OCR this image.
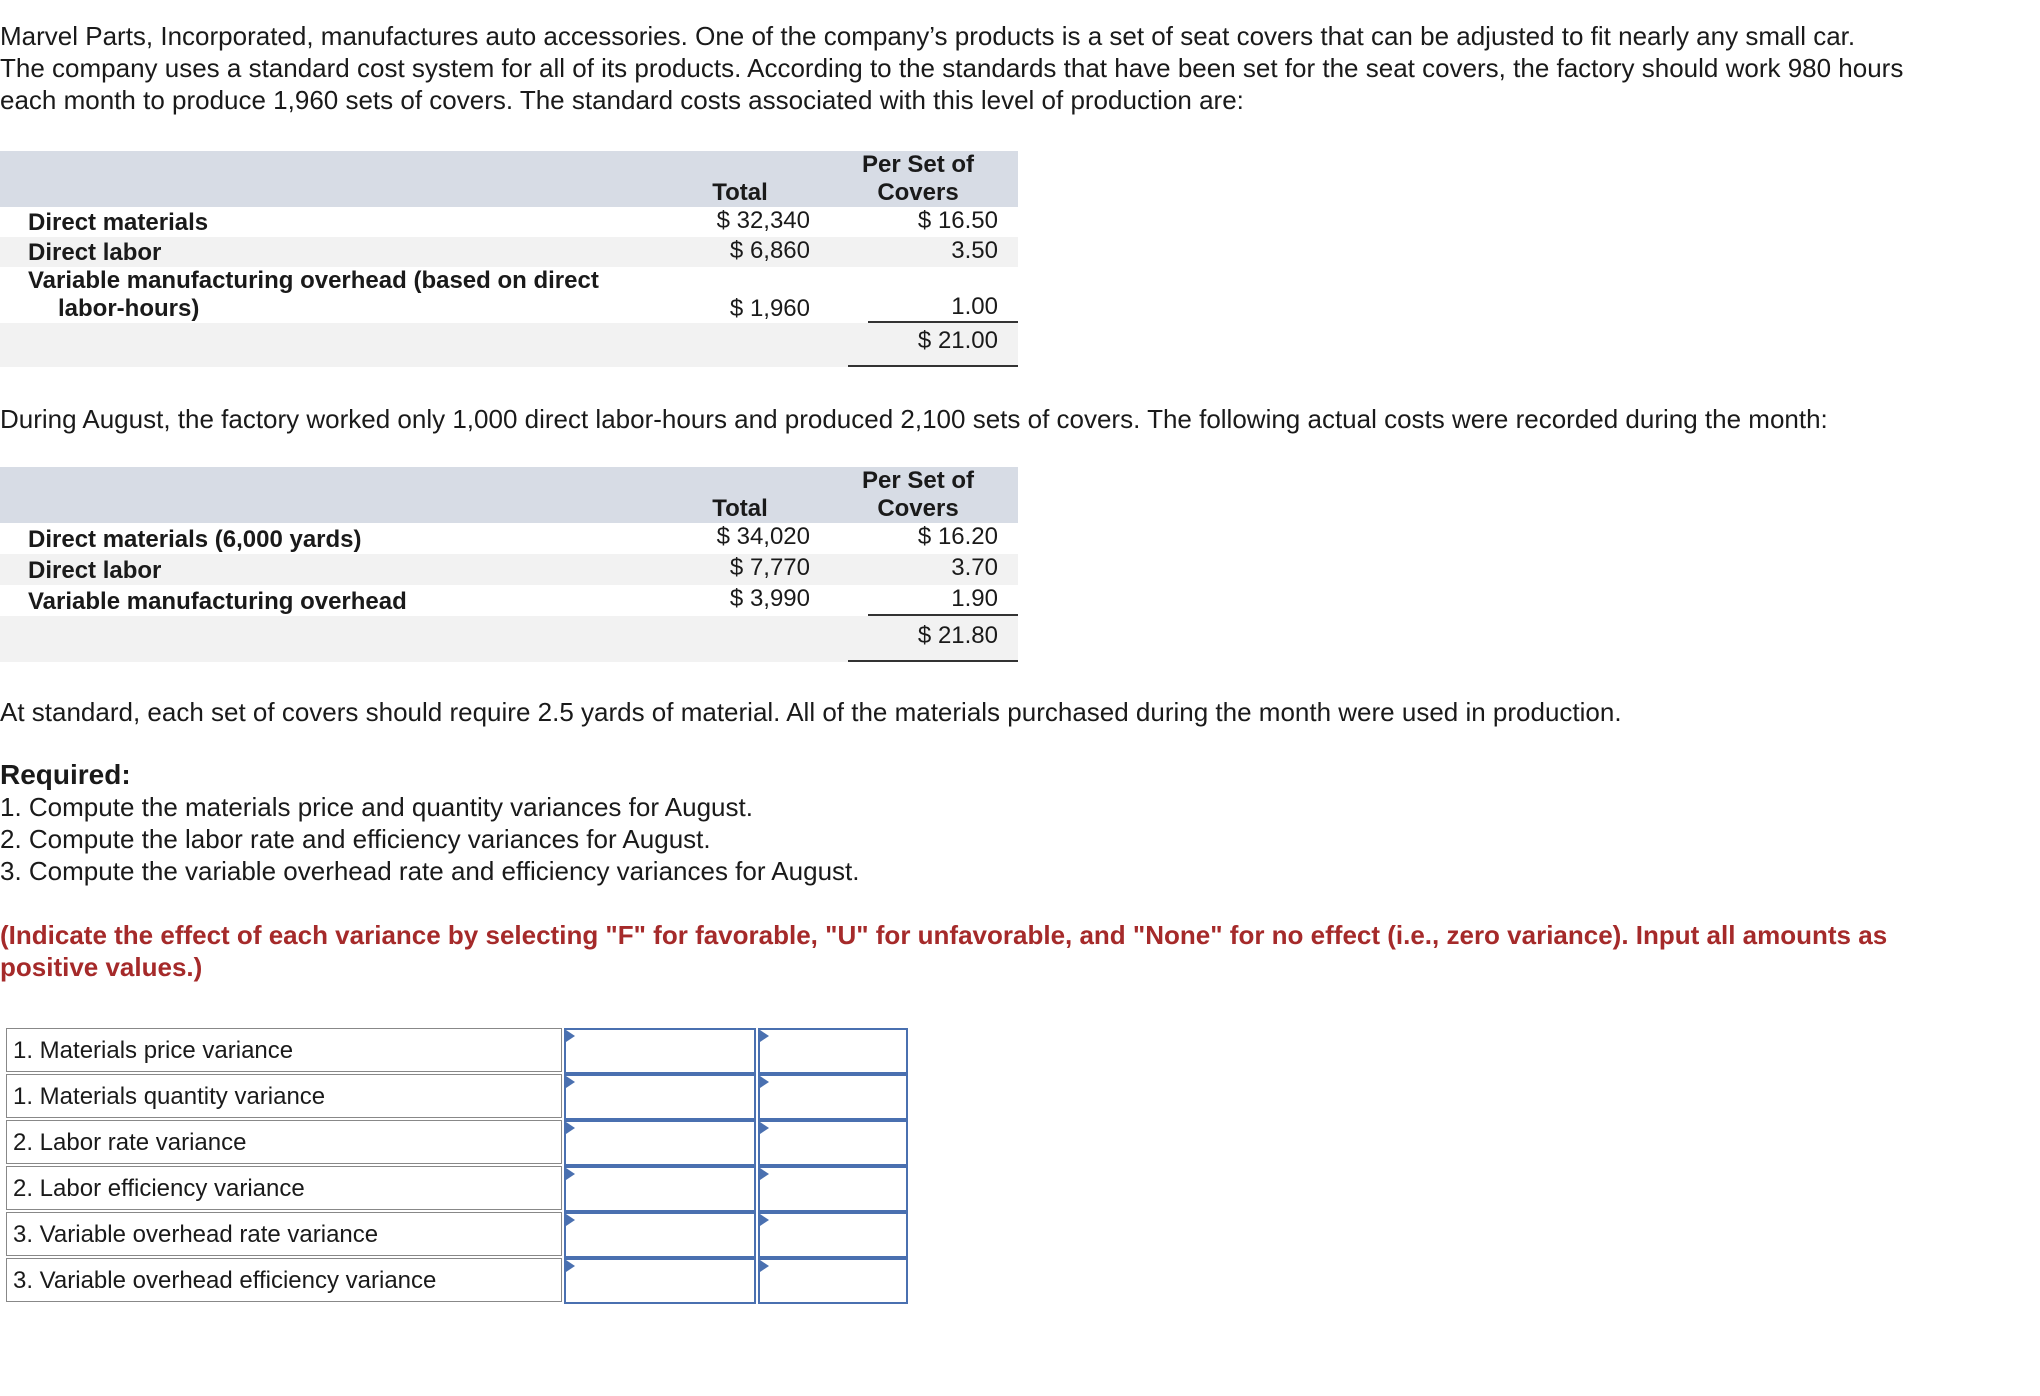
Marvel Parts, Incorporated, manufactures auto accessories. One of the company’s products is a set of seat covers that can be adjusted to fit nearly any small car.

The company uses a standard cost system for all of its products. According to the standards that have been set for the seat covers, the factory should work 980 hours

each month to produce 1,960 sets of covers. The standard costs associated with this level of production are:

Total
Per Set of
Covers
Direct materials	$ 32,340	$ 16.50
Direct labor	$ 6,860	3.50
Variable manufacturing overhead (based on direct
labor-hours)	$ 1,960	1.00
$ 21.00

During August, the factory worked only 1,000 direct labor-hours and produced 2,100 sets of covers. The following actual costs were recorded during the month:

Total
Per Set of
Covers
Direct materials (6,000 yards)	$ 34,020	$ 16.20
Direct labor	$ 7,770	3.70
Variable manufacturing overhead	$ 3,990	1.90
$ 21.80

At standard, each set of covers should require 2.5 yards of material. All of the materials purchased during the month were used in production.

Required:
1. Compute the materials price and quantity variances for August.
2. Compute the labor rate and efficiency variances for August.
3. Compute the variable overhead rate and efficiency variances for August.
(Indicate the effect of each variance by selecting "F" for favorable, "U" for unfavorable, and "None" for no effect (i.e., zero variance). Input all amounts as
positive values.)
1. Materials price variance
1. Materials quantity variance
2. Labor rate variance
2. Labor efficiency variance
3. Variable overhead rate variance
3. Variable overhead efficiency variance
